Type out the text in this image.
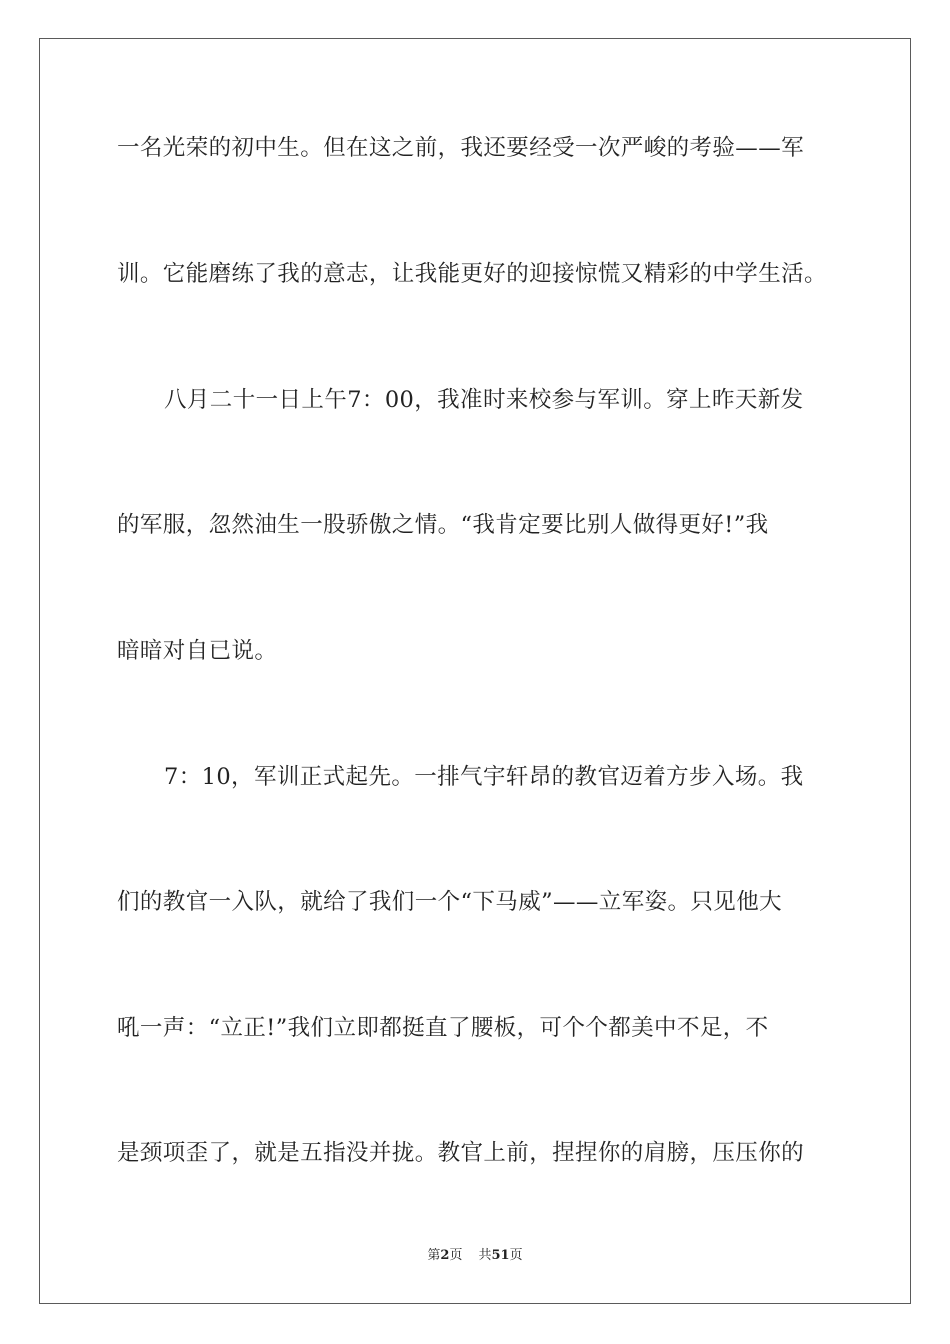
一名光荣的初中生。但在这之前，我还要经受一次严峻的考验——军
训。它能磨练了我的意志，让我能更好的迎接惊慌又精彩的中学生活。
八月二十一日上午7：00，我准时来校参与军训。穿上昨天新发
的军服，忽然油生一股骄傲之情。“我肯定要比别人做得更好!”我
暗暗对自已说。
7：10，军训正式起先。一排气宇轩昂的教官迈着方步入场。我
们的教官一入队，就给了我们一个“下马威”——立军姿。只见他大
吼一声：“立正!”我们立即都挺直了腰板，可个个都美中不足，不
是颈项歪了，就是五指没并拢。教官上前，捏捏你的肩膀，压压你的
第2页 共51页
